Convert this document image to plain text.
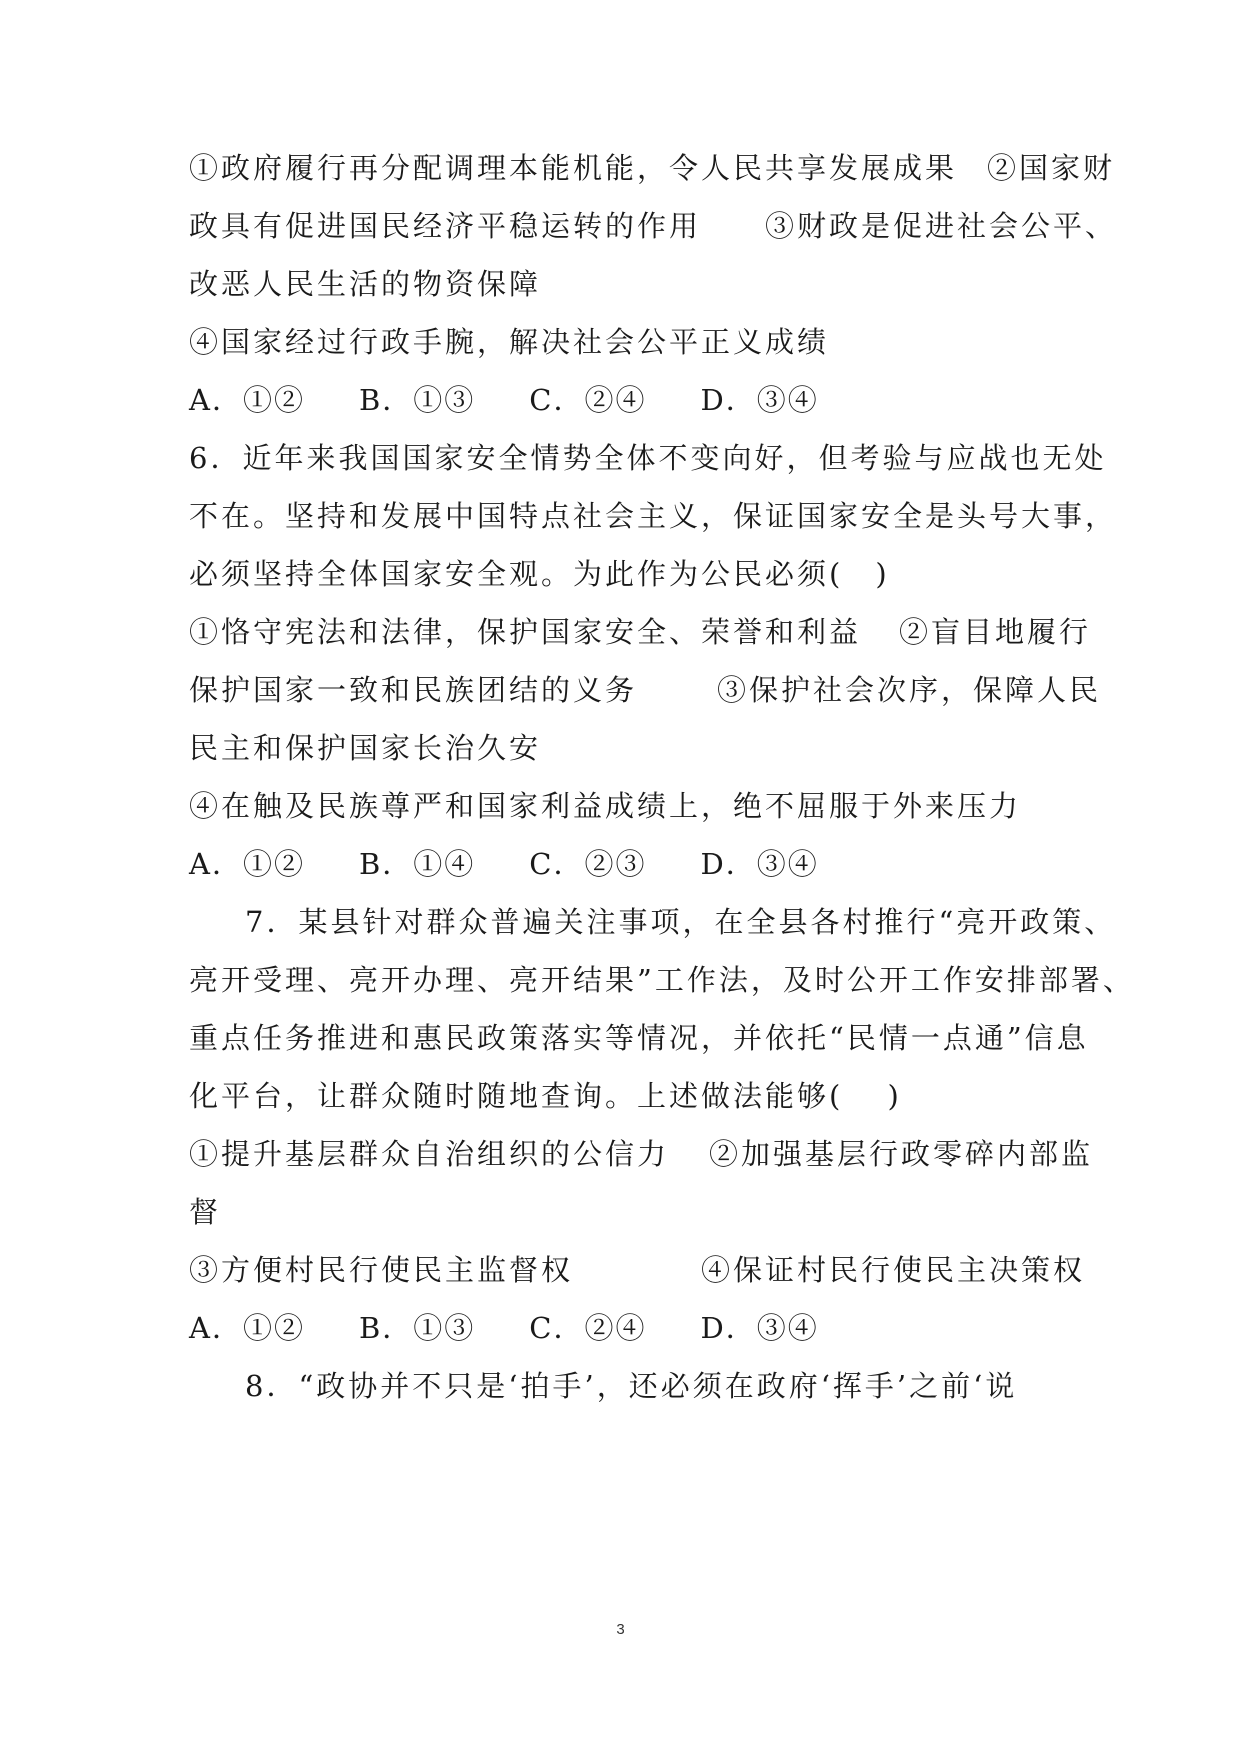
①政府履行再分配调理本能机能，令人民共享发展成果 ②国家财
政具有促进国民经济平稳运转的作用 ③财政是促进社会公平、
改恶人民生活的物资保障
④国家经过行政手腕，解决社会公平正义成绩
A．①② B．①③ C．②④ D．③④
6．近年来我国国家安全情势全体不变向好，但考验与应战也无处
不在。坚持和发展中国特点社会主义，保证国家安全是头号大事，
必须坚持全体国家安全观。为此作为公民必须(　)
①恪守宪法和法律，保护国家安全、荣誉和利益 ②盲目地履行
保护国家一致和民族团结的义务	③保护社会次序，保障人民
民主和保护国家长治久安
④在触及民族尊严和国家利益成绩上，绝不屈服于外来压力
A．①② B．①④ C．②③ D．③④
7．某县针对群众普遍关注事项，在全县各村推行“亮开政策、
亮开受理、亮开办理、亮开结果”工作法，及时公开工作安排部署、
重点任务推进和惠民政策落实等情况，并依托“民情一点通”信息
化平台，让群众随时随地查询。上述做法能够(　 )
①提升基层群众自治组织的公信力 ②加强基层行政零碎内部监
督
③方便村民行使民主监督权	④保证村民行使民主决策权
A．①② B．①③ C．②④ D．③④
8．“政协并不只是‘拍手’，还必须在政府‘挥手’之前‘说
3
